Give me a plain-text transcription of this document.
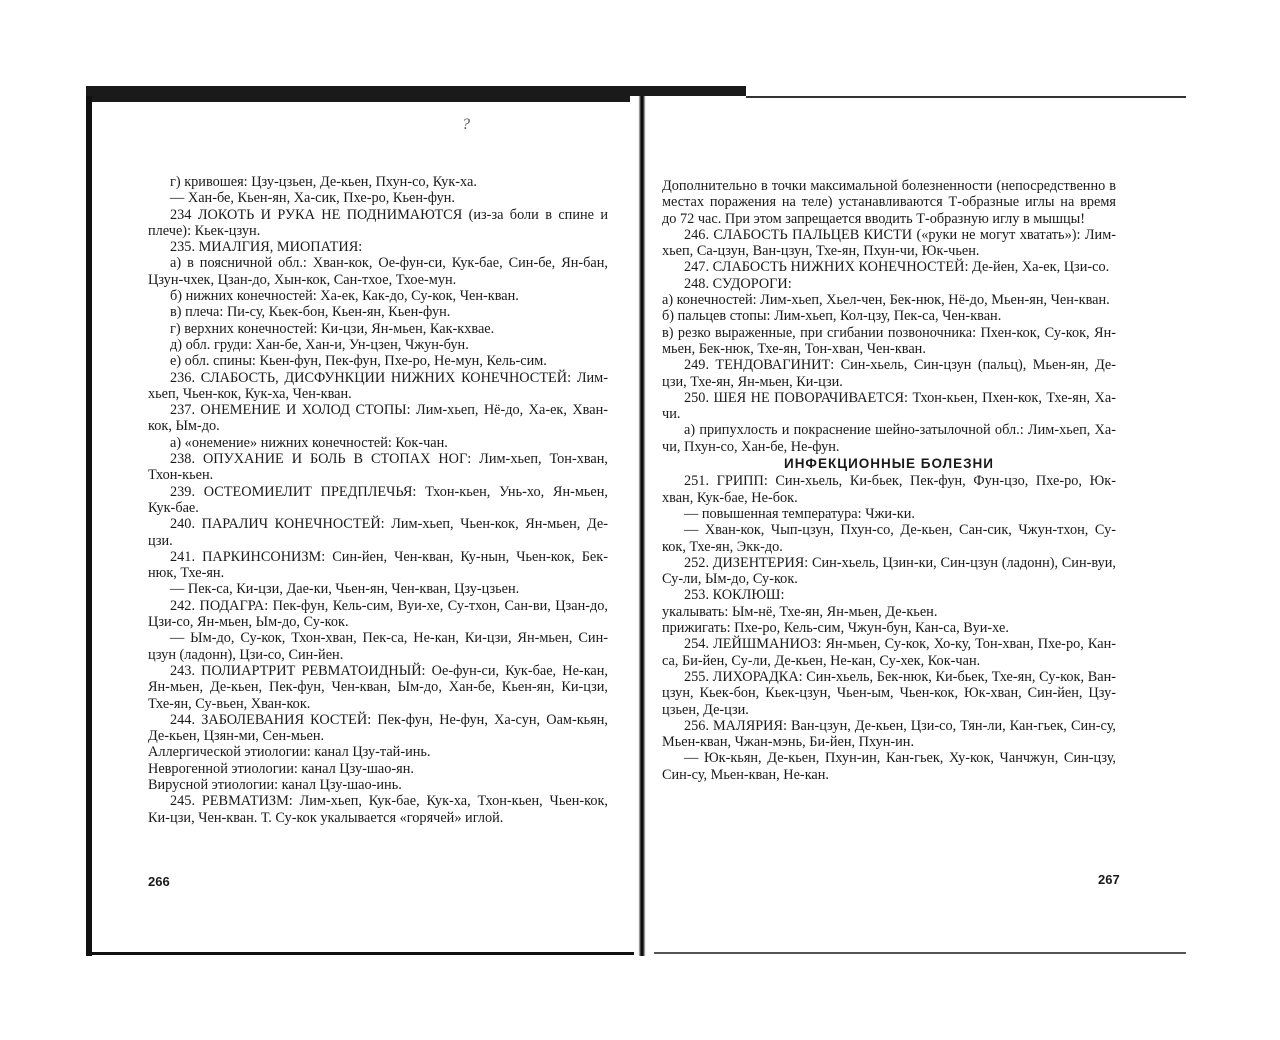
?

г) кривошея: Цзу-цзьен, Де-кьен, Пхун-со, Кук-ха.

— Хан-бе, Кьен-ян, Ха-сик, Пхе-ро, Кьен-фун.

234 ЛОКОТЬ И РУКА НЕ ПОДНИМАЮТСЯ (из-за боли в спине и плече): Кьек-цзун.

235. МИАЛГИЯ, МИОПАТИЯ:

а) в поясничной обл.: Хван-кок, Ое-фун-си, Кук-бае, Син-бе, Ян-бан, Цзун-чхек, Цзан-до, Хын-кок, Сан-тхое, Тхое-мун.

б) нижних конечностей: Ха-ек, Как-до, Су-кок, Чен-кван.

в) плеча: Пи-су, Кьек-бон, Кьен-ян, Кьен-фун.

г) верхних конечностей: Ки-цзи, Ян-мьен, Как-кхвае.

д) обл. груди: Хан-бе, Хан-и, Ун-цзен, Чжун-бун.

е) обл. спины: Кьен-фун, Пек-фун, Пхе-ро, Не-мун, Кель-сим.

236. СЛАБОСТЬ, ДИСФУНКЦИИ НИЖНИХ КОНЕЧНОСТЕЙ: Лим-хьеп, Чьен-кок, Кук-ха, Чен-кван.

237. ОНЕМЕНИЕ И ХОЛОД СТОПЫ: Лим-хьеп, Нё-до, Ха-ек, Хван-кок, Ым-до.

а) «онемение» нижних конечностей: Кок-чан.

238. ОПУХАНИЕ И БОЛЬ В СТОПАХ НОГ: Лим-хьеп, Тон-хван, Тхон-кьен.

239. ОСТЕОМИЕЛИТ ПРЕДПЛЕЧЬЯ: Тхон-кьен, Унь-хо, Ян-мьен, Кук-бае.

240. ПАРАЛИЧ КОНЕЧНОСТЕЙ: Лим-хьеп, Чьен-кок, Ян-мьен, Де-цзи.

241. ПАРКИНСОНИЗМ: Син-йен, Чен-кван, Ку-нын, Чьен-кок, Бек-нюк, Тхе-ян.

— Пек-са, Ки-цзи, Дае-ки, Чьен-ян, Чен-кван, Цзу-цзьен.

242. ПОДАГРА: Пек-фун, Кель-сим, Вуи-хе, Су-тхон, Сан-ви, Цзан-до, Цзи-со, Ян-мьен, Ым-до, Су-кок.

— Ым-до, Су-кок, Тхон-хван, Пек-са, Не-кан, Ки-цзи, Ян-мьен, Син-цзун (ладонн), Цзи-со, Син-йен.

243. ПОЛИАРТРИТ РЕВМАТОИДНЫЙ: Ое-фун-си, Кук-бае, Не-кан, Ян-мьен, Де-кьен, Пек-фун, Чен-кван, Ым-до, Хан-бе, Кьен-ян, Ки-цзи, Тхе-ян, Су-вьен, Хван-кок.

244. ЗАБОЛЕВАНИЯ КОСТЕЙ: Пек-фун, Не-фун, Ха-сун, Оам-кьян, Де-кьен, Цзян-ми, Сен-мьен.

Аллергической этиологии: канал Цзу-тай-инь.

Неврогенной этиологии: канал Цзу-шао-ян.

Вирусной этиологии: канал Цзу-шао-инь.

245. РЕВМАТИЗМ: Лим-хьеп, Кук-бае, Кук-ха, Тхон-кьен, Чьен-кок, Ки-цзи, Чен-кван. Т. Су-кок укалывается «горячей» иглой.

266

Дополнительно в точки максимальной болезненности (непосредственно в местах поражения на теле) устанавливаются Т-образные иглы на время до 72 час. При этом запрещается вводить Т-образную иглу в мышцы!

246. СЛАБОСТЬ ПАЛЬЦЕВ КИСТИ («руки не могут хватать»): Лим-хьеп, Са-цзун, Ван-цзун, Тхе-ян, Пхун-чи, Юк-чьен.

247. СЛАБОСТЬ НИЖНИХ КОНЕЧНОСТЕЙ: Де-йен, Ха-ек, Цзи-со.

248. СУДОРОГИ:

а) конечностей: Лим-хьеп, Хьел-чен, Бек-нюк, Нё-до, Мьен-ян, Чен-кван.

б) пальцев стопы: Лим-хьеп, Кол-цзу, Пек-са, Чен-кван.

в) резко выраженные, при сгибании позвоночника: Пхен-кок, Су-кок, Ян-мьен, Бек-нюк, Тхе-ян, Тон-хван, Чен-кван.

249. ТЕНДОВАГИНИТ: Син-хьель, Син-цзун (пальц), Мьен-ян, Де-цзи, Тхе-ян, Ян-мьен, Ки-цзи.

250. ШЕЯ НЕ ПОВОРАЧИВАЕТСЯ: Тхон-кьен, Пхен-кок, Тхе-ян, Ха-чи.

а) припухлость и покраснение шейно-затылочной обл.: Лим-хьеп, Ха-чи, Пхун-со, Хан-бе, Не-фун.

ИНФЕКЦИОННЫЕ БОЛЕЗНИ

251. ГРИПП: Син-хьель, Ки-бьек, Пек-фун, Фун-цзо, Пхе-ро, Юк-хван, Кук-бае, Не-бок.

— повышенная температура: Чжи-ки.

— Хван-кок, Чып-цзун, Пхун-со, Де-кьен, Сан-сик, Чжун-тхон, Су-кок, Тхе-ян, Экк-до.

252. ДИЗЕНТЕРИЯ: Син-хьель, Цзин-ки, Син-цзун (ладонн), Син-вуи, Су-ли, Ым-до, Су-кок.

253. КОКЛЮШ:

укалывать: Ым-нё, Тхе-ян, Ян-мьен, Де-кьен.

прижигать: Пхе-ро, Кель-сим, Чжун-бун, Кан-са, Вуи-хе.

254. ЛЕЙШМАНИОЗ: Ян-мьен, Су-кок, Хо-ку, Тон-хван, Пхе-ро, Кан-са, Би-йен, Су-ли, Де-кьен, Не-кан, Су-хек, Кок-чан.

255. ЛИХОРАДКА: Син-хьель, Бек-нюк, Ки-бьек, Тхе-ян, Су-кок, Ван-цзун, Кьек-бон, Кьек-цзун, Чьен-ым, Чьен-кок, Юк-хван, Син-йен, Цзу-цзьен, Де-цзи.

256. МАЛЯРИЯ: Ван-цзун, Де-кьен, Цзи-со, Тян-ли, Кан-гьек, Син-су, Мьен-кван, Чжан-мэнь, Би-йен, Пхун-ин.

— Юк-кьян, Де-кьен, Пхун-ин, Кан-гьек, Ху-кок, Чанчжун, Син-цзу, Син-су, Мьен-кван, Не-кан.

267
